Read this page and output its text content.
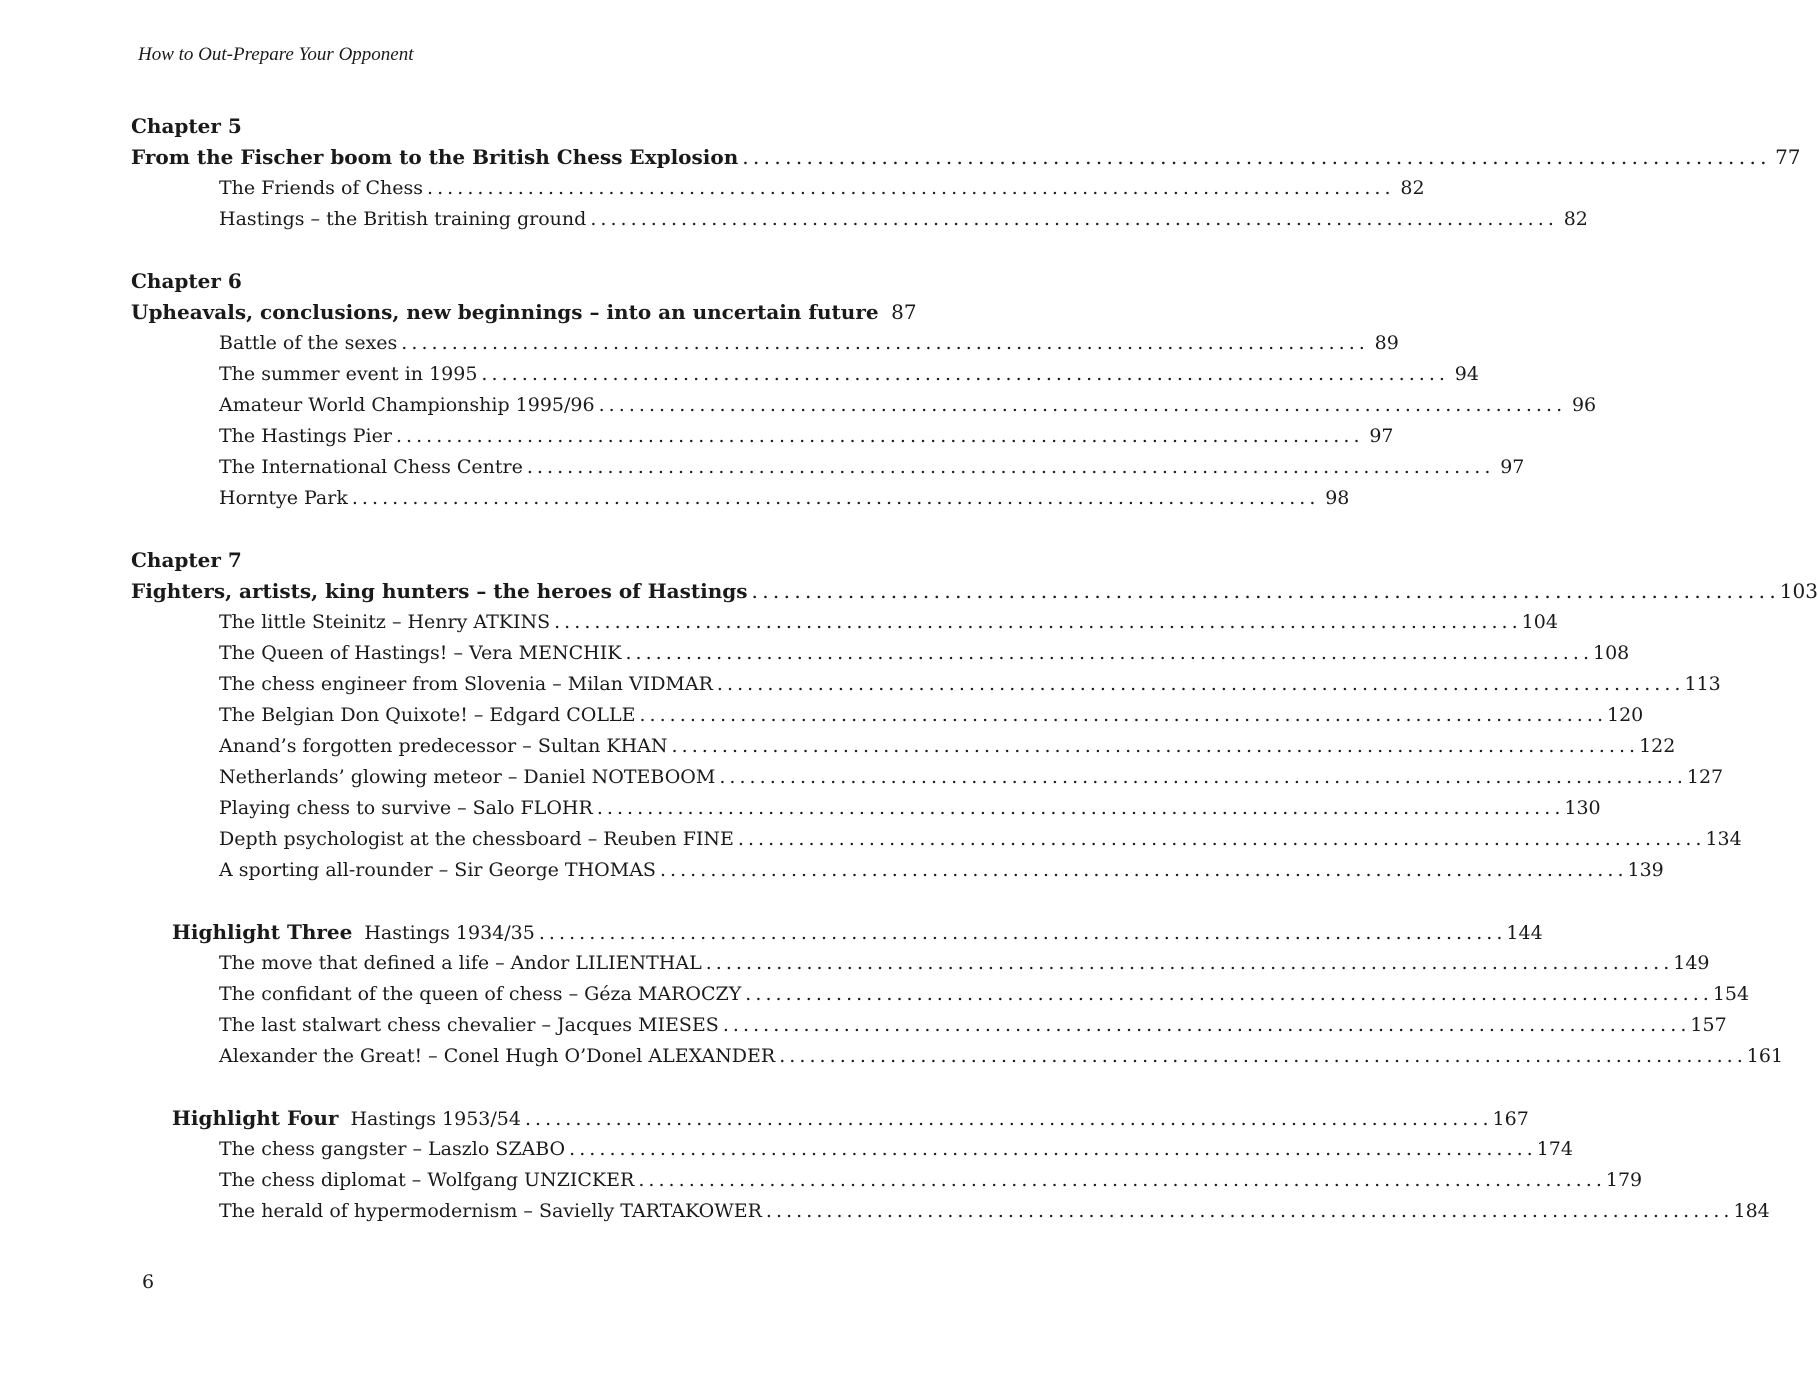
How to Out-Prepare Your Opponent
Chapter 5
From the Fischer boom to the British Chess Explosion . . .	77
The Friends of Chess . . .	82
Hastings – the British training ground . . .	82
Chapter 6
Upheavals, conclusions, new beginnings – into an uncertain future 87
Battle of the sexes . . .	89
The summer event in 1995 . . .	94
Amateur World Championship 1995/96 . . .	96
The Hastings Pier . . .	97
The International Chess Centre . . .	97
Horntye Park . . .	98
Chapter 7
Fighters, artists, king hunters – the heroes of Hastings . . .	103
The little Steinitz – Henry ATKINS . . .	104
The Queen of Hastings! – Vera MENCHIK . . .	108
The chess engineer from Slovenia – Milan VIDMAR . . .	113
The Belgian Don Quixote! – Edgard COLLE . . .	120
Anand’s forgotten predecessor – Sultan KHAN . . .	122
Netherlands’ glowing meteor – Daniel NOTEBOOM . . .	127
Playing chess to survive – Salo FLOHR . . .	130
Depth psychologist at the chessboard – Reuben FINE . . .	134
A sporting all-rounder – Sir George THOMAS . . .	139
Highlight Three Hastings 1934/35 . . .	144
The move that defined a life – Andor LILIENTHAL . . .	149
The confidant of the queen of chess – Géza MAROCZY . . .	154
The last stalwart chess chevalier – Jacques MIESES . . .	157
Alexander the Great! – Conel Hugh O’Donel ALEXANDER . . .	161
Highlight Four Hastings 1953/54 . . .	167
The chess gangster – Laszlo SZABO . . .	174
The chess diplomat – Wolfgang UNZICKER . . .	179
The herald of hypermodernism – Savielly TARTAKOWER . . .	184
6
